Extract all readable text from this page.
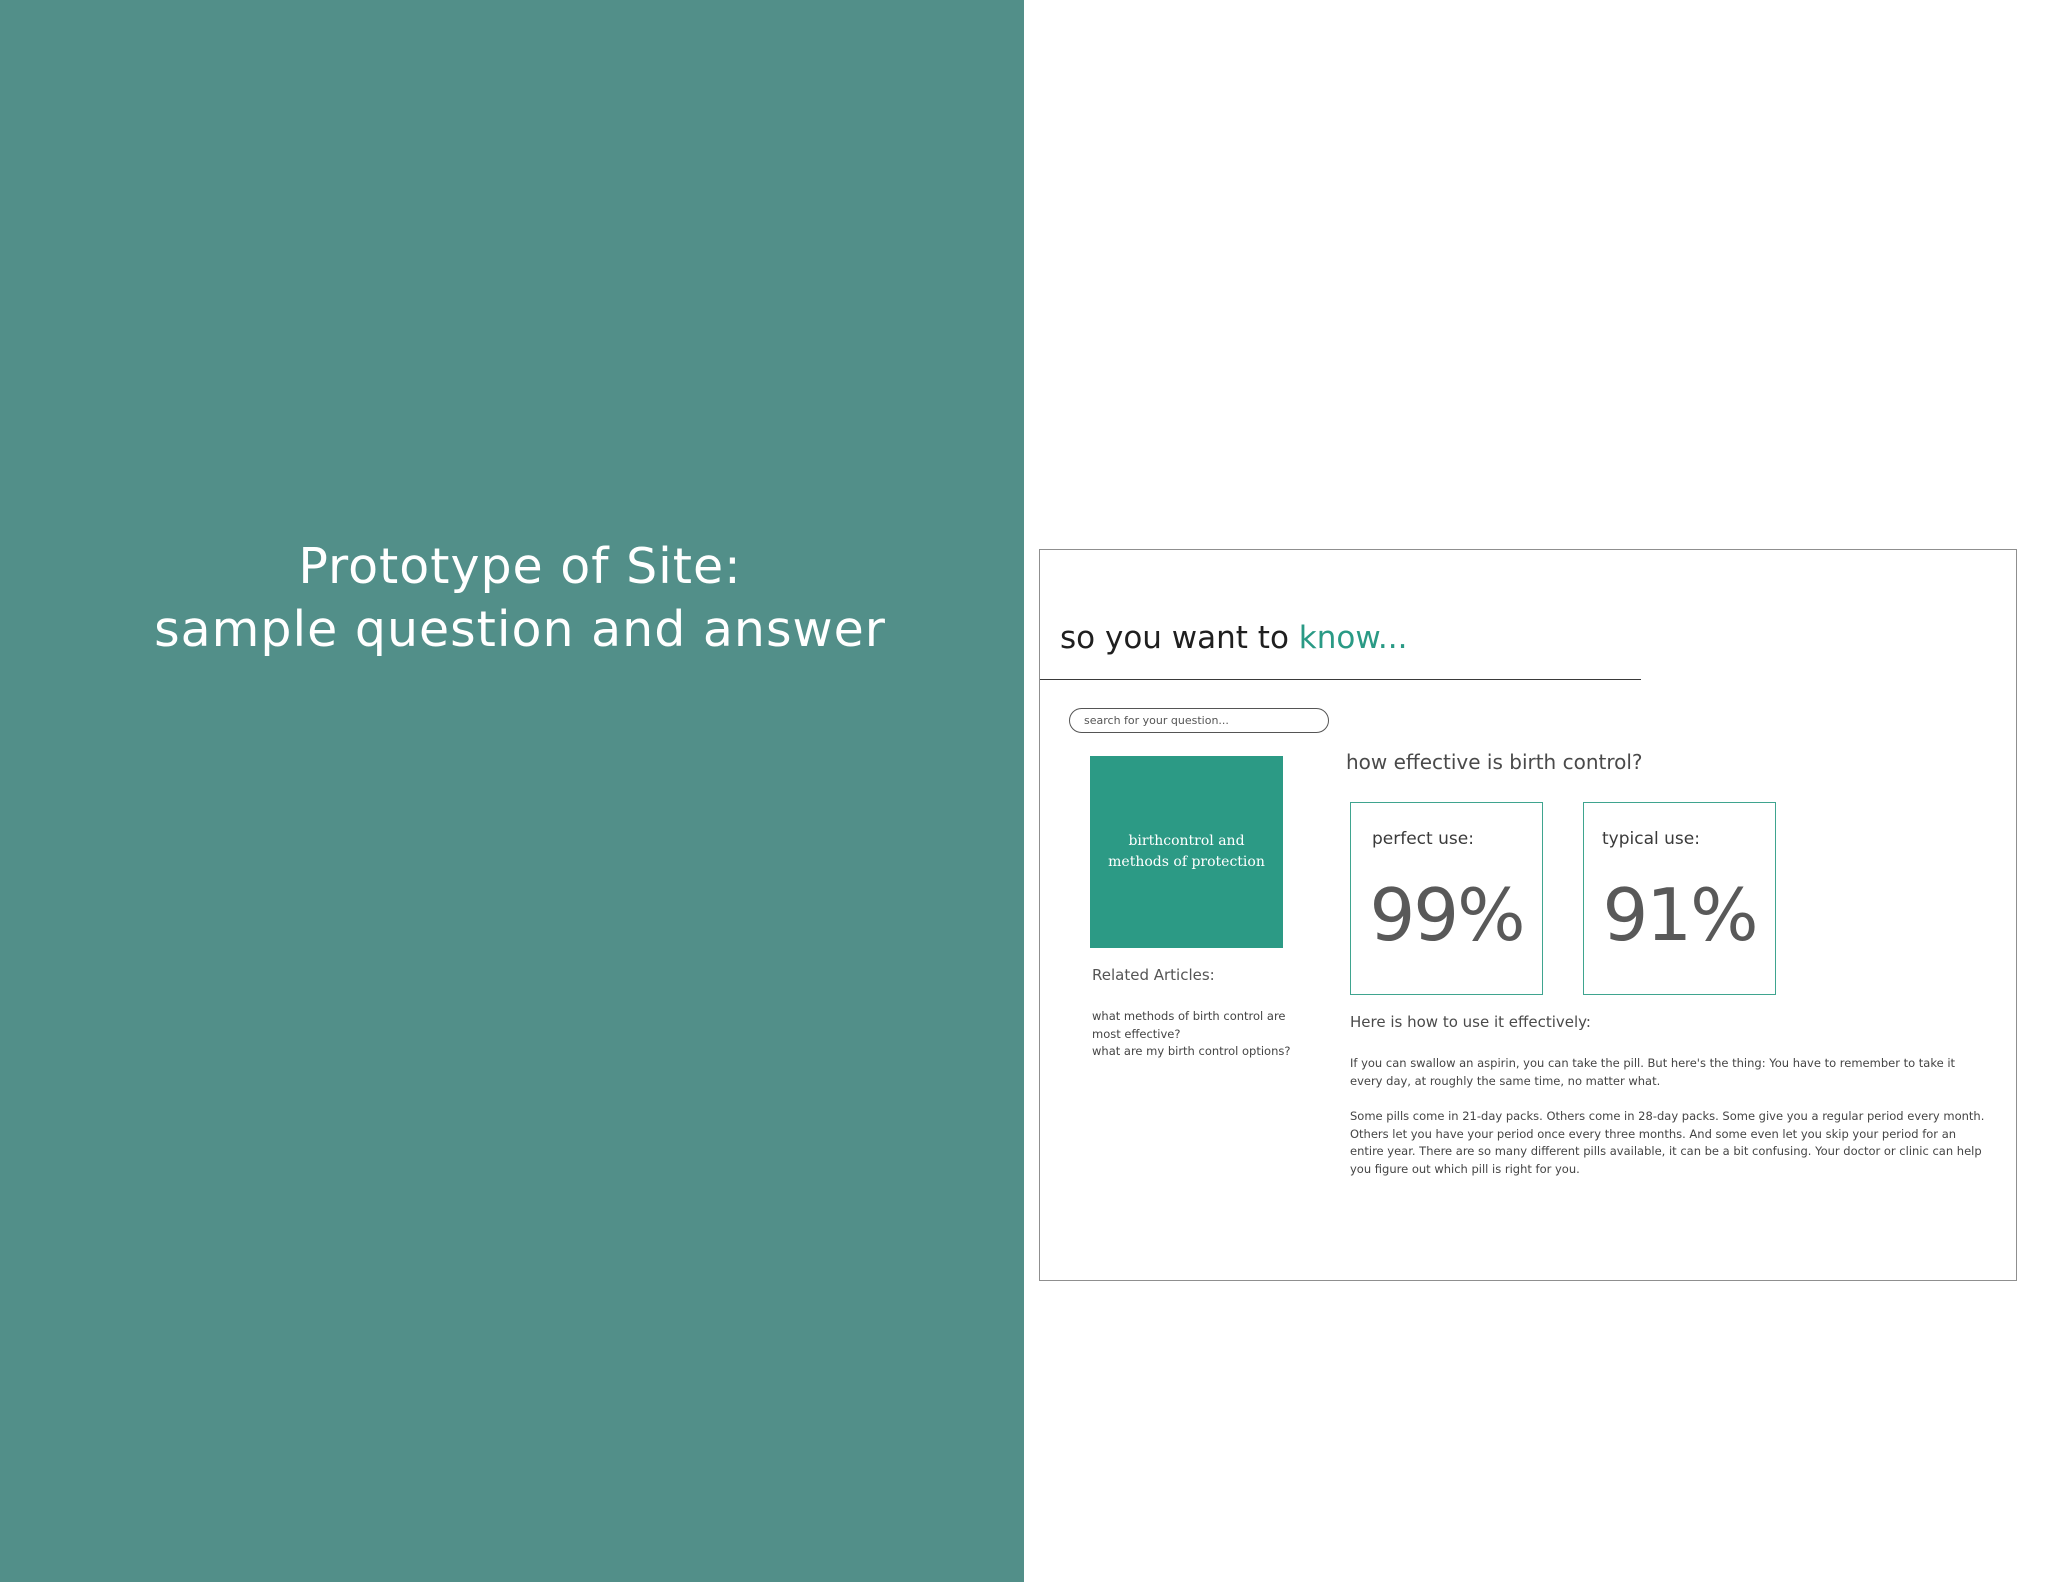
Prototype of Site:
sample question and answer	so you want to know...
search for your question...
birthcontrol and methods of protection
Related Articles:
what methods of birth control are most effective?
what are my birth control options?
how effective is birth control?
perfect use:
99%
typical use:
91%
Here is how to use it effectively:

If you can swallow an aspirin, you can take the pill. But here's the thing: You have to remember to take it every day, at roughly the same time, no matter what.

Some pills come in 21-day packs. Others come in 28-day packs. Some give you a regular period every month. Others let you have your period once every three months. And some even let you skip your period for an entire year. There are so many different pills available, it can be a bit confusing. Your doctor or clinic can help you figure out which pill is right for you.
